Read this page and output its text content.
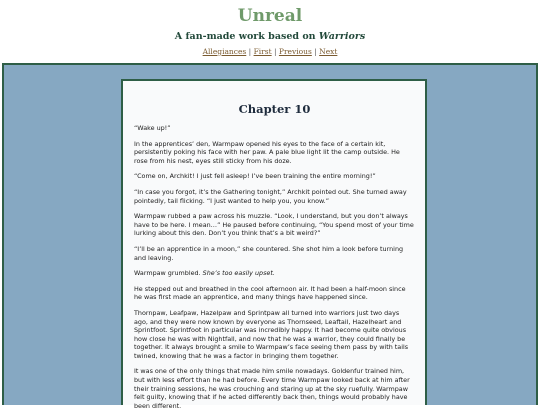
Unreal

A fan-made work based on Warriors

Allegiances | First | Previous | Next
Chapter 10

“Wake up!”

In the apprentices’ den, Warmpaw opened his eyes to the face of a certain kit, persistently poking his face with her paw. A pale blue light lit the camp outside. He rose from his nest, eyes still sticky from his doze.

“Come on, Archkit! I just fell asleep! I’ve been training the entire morning!”

“In case you forgot, it’s the Gathering tonight,” Archkit pointed out. She turned away pointedly, tail flicking. “I just wanted to help you, you know.”

Warmpaw rubbed a paw across his muzzle. “Look, I understand, but you don’t always have to be here. I mean…” He paused before continuing, “You spend most of your time lurking about this den. Don’t you think that’s a bit weird?”

“I’ll be an apprentice in a moon,” she countered. She shot him a look before turning and leaving.

Warmpaw grumbled. She’s too easily upset.

He stepped out and breathed in the cool afternoon air. It had been a half-moon since he was first made an apprentice, and many things have happened since.

Thornpaw, Leafpaw, Hazelpaw and Sprintpaw all turned into warriors just two days ago, and they were now known by everyone as Thornseed, Leaftail, Hazelheart and Sprintfoot. Sprintfoot in particular was incredibly happy. It had become quite obvious how close he was with Nightfall, and now that he was a warrior, they could finally be together. It always brought a smile to Warmpaw’s face seeing them pass by with tails twined, knowing that he was a factor in bringing them together.

It was one of the only things that made him smile nowadays. Goldenfur trained him, but with less effort than he had before. Every time Warmpaw looked back at him after their training sessions, he was crouching and staring up at the sky ruefully. Warmpaw felt guilty, knowing that if he acted differently back then, things would probably have been different.
